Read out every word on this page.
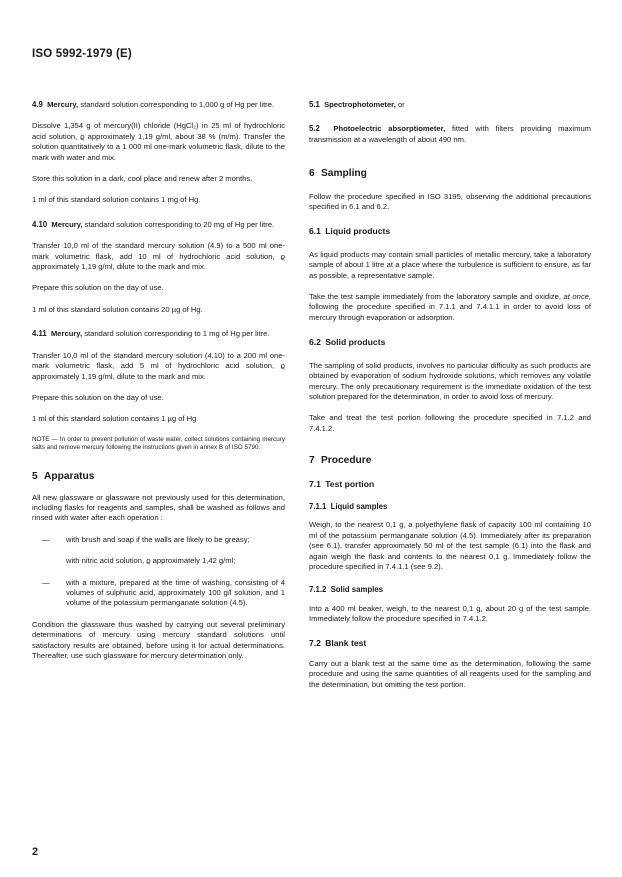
ISO 5992-1979 (E)

4.9 Mercury, standard solution corresponding to 1,000 g of Hg per litre.

Dissolve 1,354 g of mercury(II) chloride (HgCl₂) in 25 ml of hydrochloric acid solution, ϱ approximately 1,19 g/ml, about 38 % (m/m). Transfer the solution quantitatively to a 1 000 ml one-mark volumetric flask, dilute to the mark with water and mix.

Store this solution in a dark, cool place and renew after 2 months.

1 ml of this standard solution contains 1 mg of Hg.

4.10 Mercury, standard solution corresponding to 20 mg of Hg per litre.

Transfer 10,0 ml of the standard mercury solution (4.9) to a 500 ml one-mark volumetric flask, add 10 ml of hydrochloric acid solution, ϱ approximately 1,19 g/ml, dilute to the mark and mix.

Prepare this solution on the day of use.

1 ml of this standard solution contains 20 µg of Hg.

4.11 Mercury, standard solution corresponding to 1 mg of Hg per litre.

Transfer 10,0 ml of the standard mercury solution (4.10) to a 200 ml one-mark volumetric flask, add 5 ml of hydrochloric acid solution, ϱ approximately 1,19 g/ml, dilute to the mark and mix.

Prepare this solution on the day of use.

1 ml of this standard solution contains 1 µg of Hg

NOTE — In order to prevent pollution of waste water, collect solutions containing mercury salts and remove mercury following the instructions given in annex B of ISO 5790.

5 Apparatus

All new glassware or glassware not previously used for this determination, including flasks for reagents and samples, shall be washed as follows and rinsed with water after each operation :

—	with brush and soap if the walls are likely to be greasy;
with nitric acid solution, ϱ approximately 1,42 g/ml;
—	with a mixture, prepared at the time of washing, consisting of 4 volumes of sulphuric acid, approximately 100 g/l solution, and 1 volume of the potassium permanganate solution (4.5).

Condition the glassware thus washed by carrying out several preliminary determinations of mercury using mercury standard solutions until satisfactory results are obtained, before using it for actual determinations. Thereafter, use such glassware for mercury determination only.

5.1 Spectrophotometer, or

5.2 Photoelectric absorptiometer, fitted with filters providing maximum transmission at a wavelength of about 490 nm.

6 Sampling

Follow the procedure specified in ISO 3195, observing the additional precautions specified in 6.1 and 6.2.

6.1 Liquid products

As liquid products may contain small particles of metallic mercury, take a laboratory sample of about 1 litre at a place where the turbulence is sufficient to ensure, as far as possible, a representative sample.

Take the test sample immediately from the laboratory sample and oxidize, at once, following the procedure specified in 7.1.1 and 7.4.1.1 in order to avoid loss of mercury through evaporation or adsorption.

6.2 Solid products

The sampling of solid products, involves no particular difficulty as such products are obtained by evaporation of sodium hydroxide solutions, which removes any volatile mercury. The only precautionary requirement is the immediate oxidation of the test solution prepared for the determination, in order to avoid loss of mercury.

Take and treat the test portion following the procedure specified in 7.1.2 and 7.4.1.2.

7 Procedure

7.1 Test portion

7.1.1 Liquid samples

Weigh, to the nearest 0,1 g, a polyethylene flask of capacity 100 ml containing 10 ml of the potassium permanganate solution (4.5). Immediately after its preparation (see 6.1), transfer approximately 50 ml of the test sample (6.1) into the flask and again weigh the flask and contents to the nearest 0,1 g. Immediately follow the procedure specified in 7.4.1.1 (see 9.2).

7.1.2 Solid samples

Into a 400 ml beaker, weigh, to the nearest 0,1 g, about 20 g of the test sample. Immediately follow the procedure specified in 7.4.1.2.

7.2 Blank test

Carry out a blank test at the same time as the determination, following the same procedure and using the same quantities of all reagents used for the sampling and the determination, but omitting the test portion.

2
